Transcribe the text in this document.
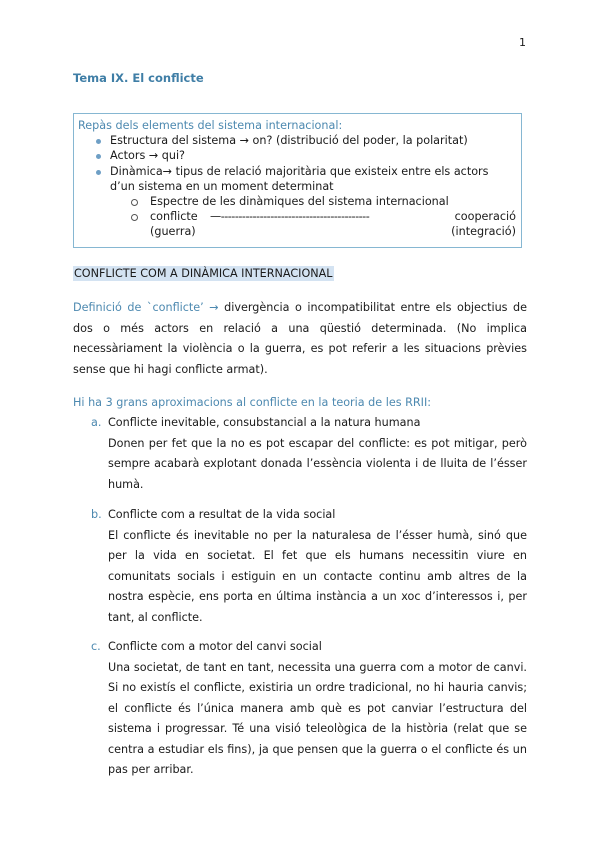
1
Tema IX. El conflicte
Repàs dels elements del sistema internacional:
Estructura del sistema → on? (distribució del poder, la polaritat)
Actors → qui?
Dinàmica→ tipus de relació majoritària que existeix entre els actors d’un sistema en un moment determinat
Espectre de les dinàmiques del sistema internacional
conflicte	—------------------------------------------	cooperació
(guerra)	(integració)
CONFLICTE COM A DINÀMICA INTERNACIONAL
Definició de `conflicte’ → divergència o incompatibilitat entre els objectius de dos o més actors en relació a una qüestió determinada. (No implica necessàriament la violència o la guerra, es pot referir a les situacions prèvies sense que hi hagi conflicte armat).
Hi ha 3 grans aproximacions al conflicte en la teoria de les RRII:
a. Conflicte inevitable, consubstancial a la natura humana
Donen per fet que la no es pot escapar del conflicte: es pot mitigar, però sempre acabarà explotant donada l’essència violenta i de lluita de l’ésser humà.
b. Conflicte com a resultat de la vida social
El conflicte és inevitable no per la naturalesa de l’ésser humà, sinó que per la vida en societat. El fet que els humans necessitin viure en comunitats socials i estiguin en un contacte continu amb altres de la nostra espècie, ens porta en última instància a un xoc d’interessos i, per tant, al conflicte.
c. Conflicte com a motor del canvi social
Una societat, de tant en tant, necessita una guerra com a motor de canvi. Si no existís el conflicte, existiria un ordre tradicional, no hi hauria canvis; el conflicte és l’única manera amb què es pot canviar l’estructura del sistema i progressar. Té una visió teleològica de la història (relat que se centra a estudiar els fins), ja que pensen que la guerra o el conflicte és un pas per arribar.
